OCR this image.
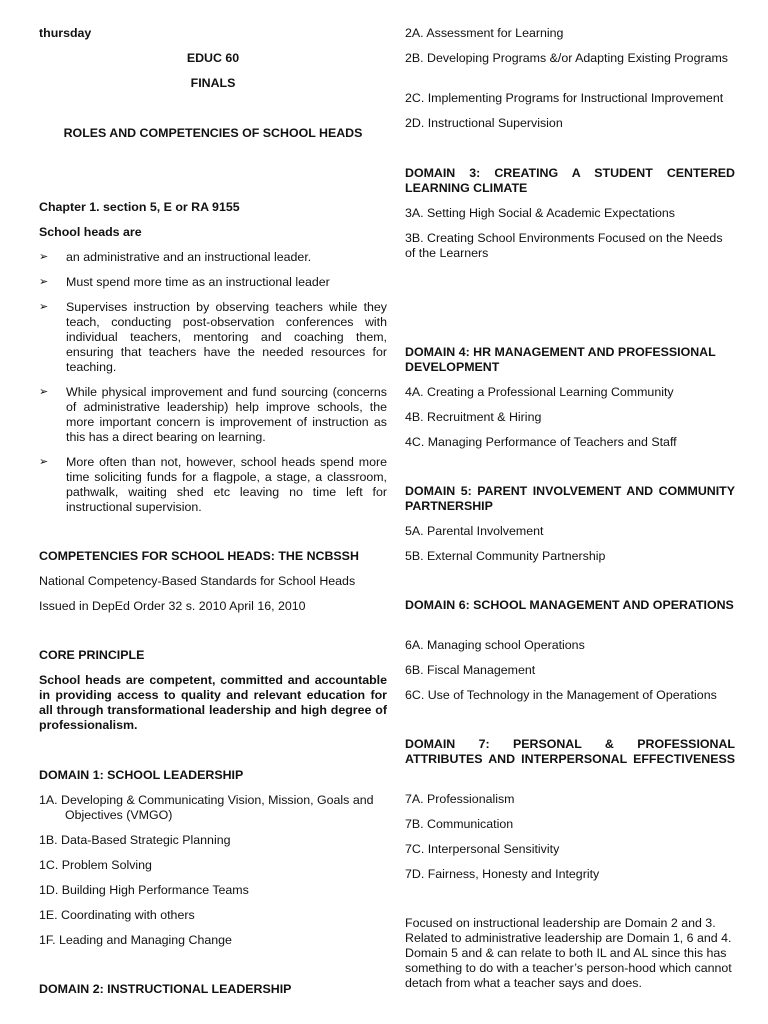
thursday

EDUC 60

FINALS

ROLES AND COMPETENCIES OF SCHOOL HEADS

Chapter 1. section 5, E or RA 9155

School heads are

➢ an administrative and an instructional leader.
➢ Must spend more time as an instructional leader
➢ Supervises instruction by observing teachers while they teach, conducting post-observation conferences with individual teachers, mentoring and coaching them, ensuring that teachers have the needed resources for teaching.
➢ While physical improvement and fund sourcing (concerns of administrative leadership) help improve schools, the more important concern is improvement of instruction as this has a direct bearing on learning.
➢ More often than not, however, school heads spend more time soliciting funds for a flagpole, a stage, a classroom, pathwalk, waiting shed etc leaving no time left for instructional supervision.

COMPETENCIES FOR SCHOOL HEADS: THE NCBSSH

National Competency-Based Standards for School Heads

Issued in DepEd Order 32 s. 2010 April 16, 2010

CORE PRINCIPLE

School heads are competent, committed and accountable in providing access to quality and relevant education for all through transformational leadership and high degree of professionalism.

DOMAIN 1: SCHOOL LEADERSHIP

1A. Developing & Communicating Vision, Mission, Goals and Objectives (VMGO)

1B. Data-Based Strategic Planning

1C. Problem Solving

1D. Building High Performance Teams

1E. Coordinating with others

1F. Leading and Managing Change

DOMAIN 2: INSTRUCTIONAL LEADERSHIP

2A. Assessment for Learning

2B. Developing Programs &/or Adapting Existing Programs

2C. Implementing Programs for Instructional Improvement

2D. Instructional Supervision

DOMAIN 3: CREATING A STUDENT CENTERED LEARNING CLIMATE

3A. Setting High Social & Academic Expectations

3B. Creating School Environments Focused on the Needs of the Learners

DOMAIN 4: HR MANAGEMENT AND PROFESSIONAL DEVELOPMENT

4A. Creating a Professional Learning Community

4B. Recruitment & Hiring

4C. Managing Performance of Teachers and Staff

DOMAIN 5: PARENT INVOLVEMENT AND COMMUNITY PARTNERSHIP

5A. Parental Involvement

5B. External Community Partnership

DOMAIN 6: SCHOOL MANAGEMENT AND OPERATIONS

6A. Managing school Operations

6B. Fiscal Management

6C. Use of Technology in the Management of Operations

DOMAIN 7: PERSONAL & PROFESSIONAL ATTRIBUTES AND INTERPERSONAL EFFECTIVENESS

7A. Professionalism

7B. Communication

7C. Interpersonal Sensitivity

7D. Fairness, Honesty and Integrity

Focused on instructional leadership are Domain 2 and 3. Related to administrative leadership are Domain 1, 6 and 4. Domain 5 and & can relate to both IL and AL since this has something to do with a teacher’s person-hood which cannot detach from what a teacher says and does.
